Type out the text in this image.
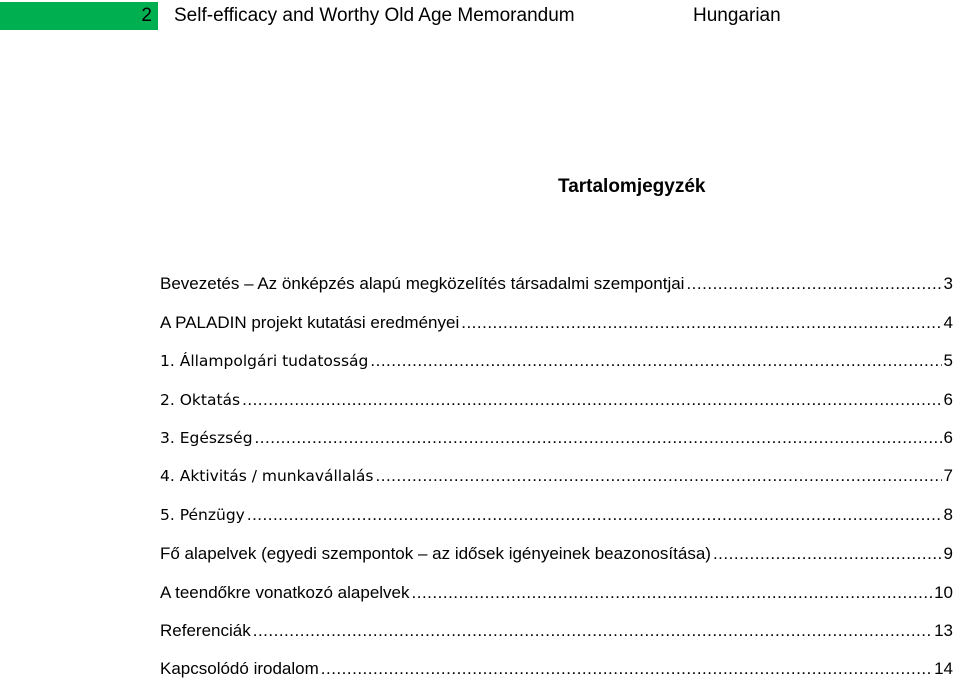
2	Self-efficacy and Worthy Old Age Memorandum	Hungarian
Tartalomjegyzék
Bevezetés – Az önképzés alapú megközelítés társadalmi szempontjai .....	3
A PALADIN projekt kutatási eredményei .....	4
1. Állampolgári tudatosság .....	5
2. Oktatás .....	6
3. Egészség .....	6
4. Aktivitás / munkavállalás .....	7
5. Pénzügy .....	8
Fő alapelvek (egyedi szempontok – az idősek igényeinek beazonosítása) .....	9
A teendőkre vonatkozó alapelvek .....	10
Referenciák .....	13
Kapcsolódó irodalom .....	14
